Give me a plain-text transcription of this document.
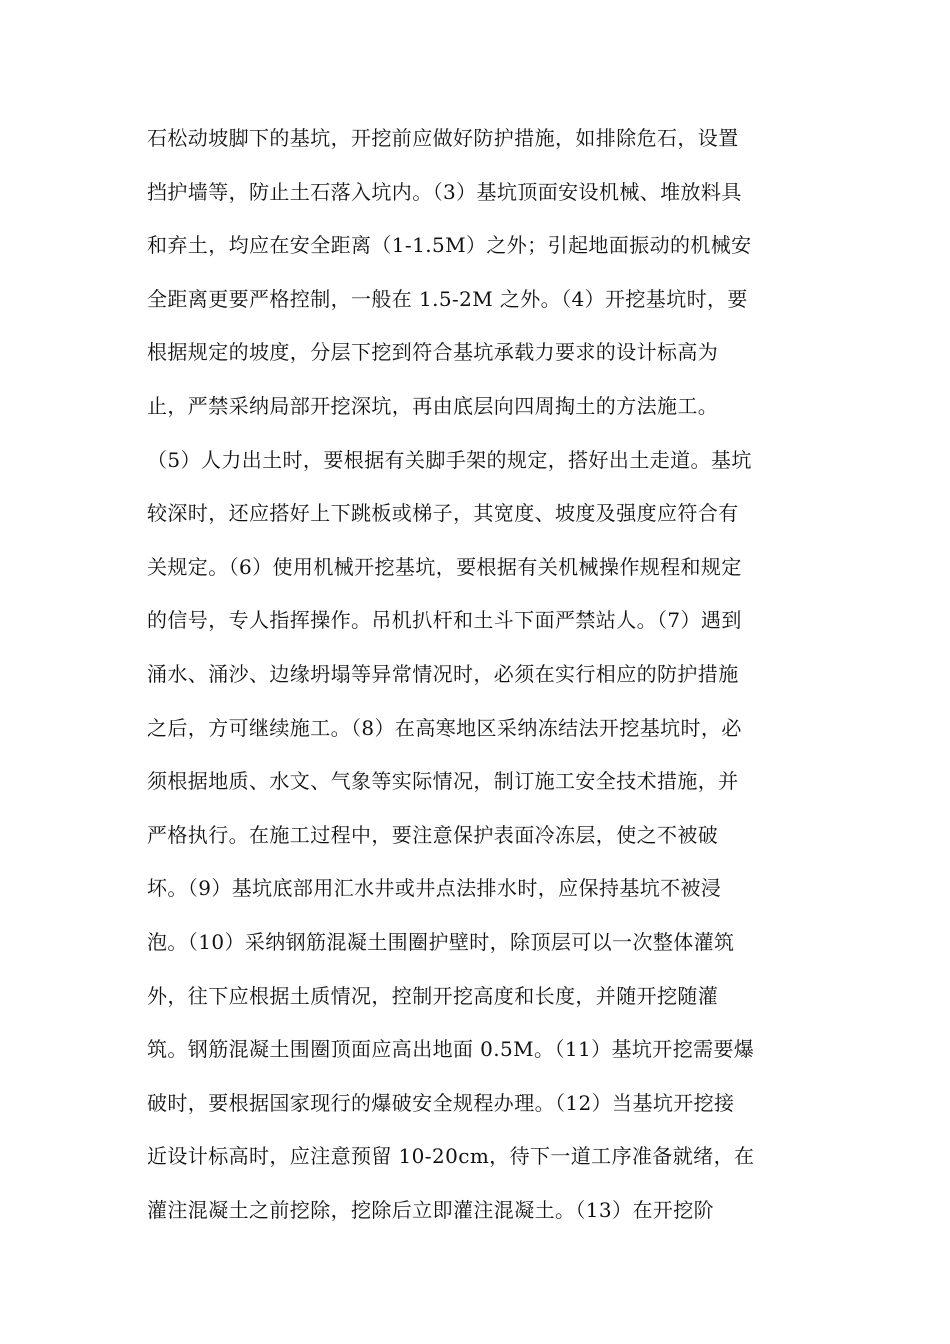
石松动坡脚下的基坑，开挖前应做好防护措施，如排除危石，设置
挡护墙等，防止土石落入坑内。（3）基坑顶面安设机械、堆放料具
和弃土，均应在安全距离（1-1.5M）之外；引起地面振动的机械安
全距离更要严格控制，一般在 1.5-2M 之外。（4）开挖基坑时，要
根据规定的坡度，分层下挖到符合基坑承载力要求的设计标高为
止，严禁采纳局部开挖深坑，再由底层向四周掏土的方法施工。
（5）人力出土时，要根据有关脚手架的规定，搭好出土走道。基坑
较深时，还应搭好上下跳板或梯子，其宽度、坡度及强度应符合有
关规定。（6）使用机械开挖基坑，要根据有关机械操作规程和规定
的信号，专人指挥操作。吊机扒杆和土斗下面严禁站人。（7）遇到
涌水、涌沙、边缘坍塌等异常情况时，必须在实行相应的防护措施
之后，方可继续施工。（8）在高寒地区采纳冻结法开挖基坑时，必
须根据地质、水文、气象等实际情况，制订施工安全技术措施，并
严格执行。在施工过程中，要注意保护表面冷冻层，使之不被破
坏。（9）基坑底部用汇水井或井点法排水时，应保持基坑不被浸
泡。（10）采纳钢筋混凝土围圈护壁时，除顶层可以一次整体灌筑
外，往下应根据土质情况，控制开挖高度和长度，并随开挖随灌
筑。钢筋混凝土围圈顶面应高出地面 0.5M。（11）基坑开挖需要爆
破时，要根据国家现行的爆破安全规程办理。（12）当基坑开挖接
近设计标高时，应注意预留 10-20cm，待下一道工序准备就绪，在
灌注混凝土之前挖除，挖除后立即灌注混凝土。（13）在开挖阶
